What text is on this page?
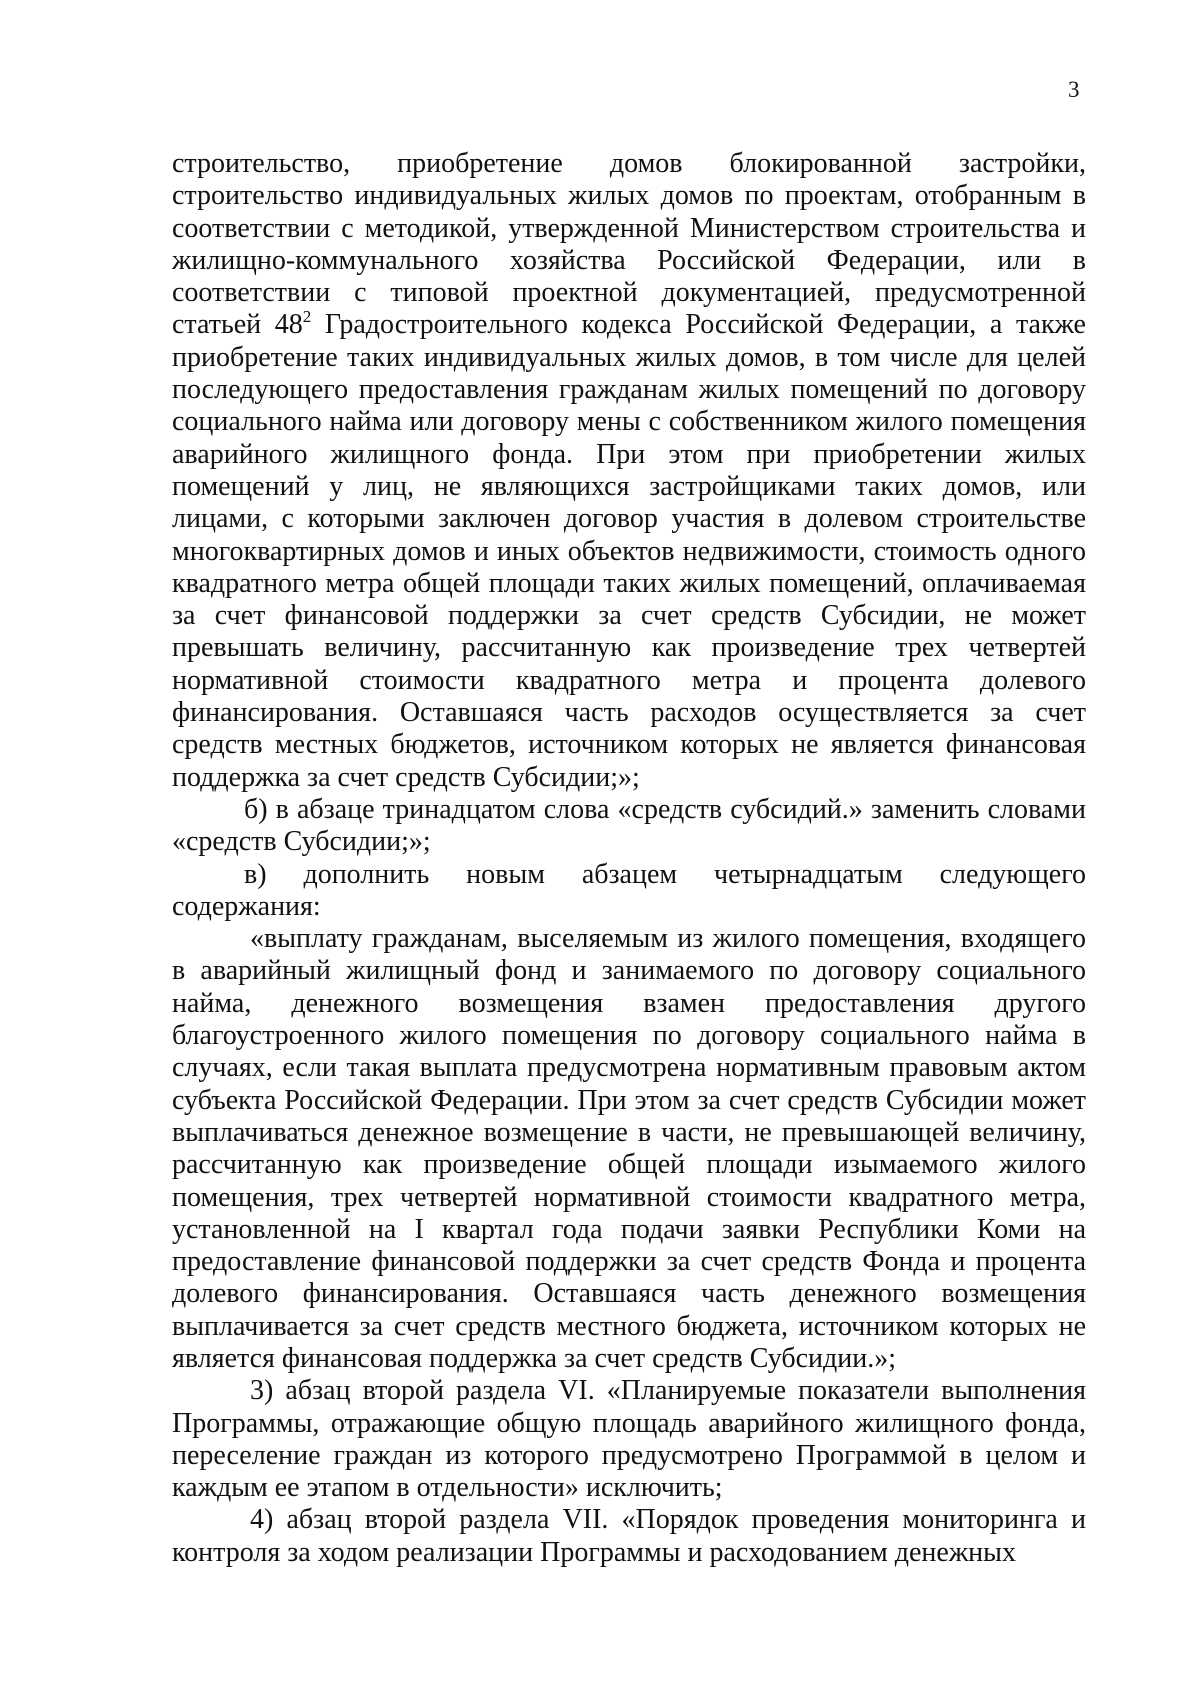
3

строительство, приобретение домов блокированной застройки, строительство индивидуальных жилых домов по проектам, отобранным в соответствии с методикой, утвержденной Министерством строительства и жилищно-коммунального хозяйства Российской Федерации, или в соответствии с типовой проектной документацией, предусмотренной статьей $48^2$ Градостроительного кодекса Российской Федерации, а также приобретение таких индивидуальных жилых домов, в том числе для целей последующего предоставления гражданам жилых помещений по договору социального найма или договору мены с собственником жилого помещения аварийного жилищного фонда. При этом при приобретении жилых помещений у лиц, не являющихся застройщиками таких домов, или лицами, с которыми заключен договор участия в долевом строительстве многоквартирных домов и иных объектов недвижимости, стоимость одного квадратного метра общей площади таких жилых помещений, оплачиваемая за счет финансовой поддержки за счет средств Субсидии, не может превышать величину, рассчитанную как произведение трех четвертей нормативной стоимости квадратного метра и процента долевого финансирования. Оставшаяся часть расходов осуществляется за счет средств местных бюджетов, источником которых не является финансовая поддержка за счет средств Субсидии;»;

б) в абзаце тринадцатом слова «средств субсидий.» заменить словами «средств Субсидии;»;

в) дополнить новым абзацем четырнадцатым следующего содержания:

«выплату гражданам, выселяемым из жилого помещения, входящего в аварийный жилищный фонд и занимаемого по договору социального найма, денежного возмещения взамен предоставления другого благоустроенного жилого помещения по договору социального найма в случаях, если такая выплата предусмотрена нормативным правовым актом субъекта Российской Федерации. При этом за счет средств Субсидии может выплачиваться денежное возмещение в части, не превышающей величину, рассчитанную как произведение общей площади изымаемого жилого помещения, трех четвертей нормативной стоимости квадратного метра, установленной на I квартал года подачи заявки Республики Коми на предоставление финансовой поддержки за счет средств Фонда и процента долевого финансирования. Оставшаяся часть денежного возмещения выплачивается за счет средств местного бюджета, источником которых не является финансовая поддержка за счет средств Субсидии.»;

3) абзац второй раздела VI. «Планируемые показатели выполнения Программы, отражающие общую площадь аварийного жилищного фонда, переселение граждан из которого предусмотрено Программой в целом и каждым ее этапом в отдельности» исключить;

4) абзац второй раздела VII. «Порядок проведения мониторинга и контроля за ходом реализации Программы и расходованием денежных
